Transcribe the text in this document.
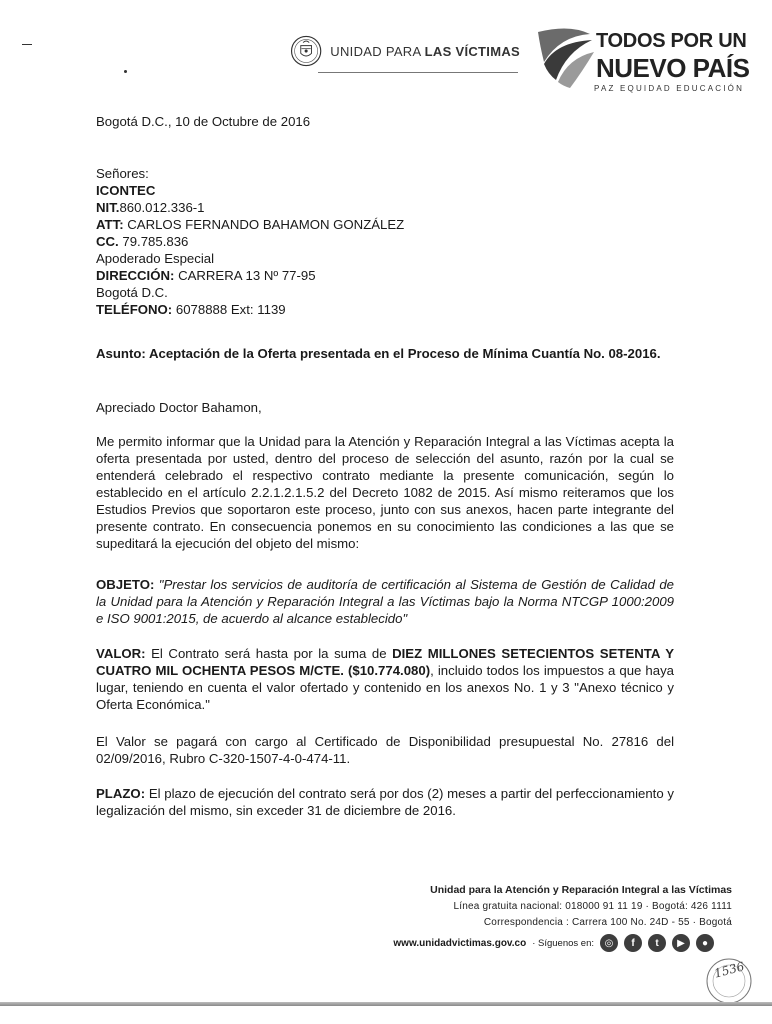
UNIDAD PARA LAS VÍCTIMAS	TODOS POR UN
NUEVO PAÍS
PAZ EQUIDAD EDUCACIÓN
Bogotá D.C., 10 de Octubre de 2016
Señores:
ICONTEC
NIT.860.012.336-1
ATT: CARLOS FERNANDO BAHAMON GONZÁLEZ
CC. 79.785.836
Apoderado Especial
DIRECCIÓN: CARRERA 13 Nº 77-95
Bogotá D.C.
TELÉFONO: 6078888 Ext: 1139
Asunto: Aceptación de la Oferta presentada en el Proceso de Mínima Cuantía No. 08-2016.
Apreciado Doctor Bahamon,
Me permito informar que la Unidad para la Atención y Reparación Integral a las Víctimas acepta la oferta presentada por usted, dentro del proceso de selección del asunto, razón por la cual se entenderá celebrado el respectivo contrato mediante la presente comunicación, según lo establecido en el artículo 2.2.1.2.1.5.2 del Decreto 1082 de 2015. Así mismo reiteramos que los Estudios Previos que soportaron este proceso, junto con sus anexos, hacen parte integrante del presente contrato. En consecuencia ponemos en su conocimiento las condiciones a las que se supeditará la ejecución del objeto del mismo:
OBJETO: "Prestar los servicios de auditoría de certificación al Sistema de Gestión de Calidad de la Unidad para la Atención y Reparación Integral a las Víctimas bajo la Norma NTCGP 1000:2009 e ISO 9001:2015, de acuerdo al alcance establecido"
VALOR: El Contrato será hasta por la suma de DIEZ MILLONES SETECIENTOS SETENTA Y CUATRO MIL OCHENTA PESOS M/CTE. ($10.774.080), incluido todos los impuestos a que haya lugar, teniendo en cuenta el valor ofertado y contenido en los anexos No. 1 y 3 "Anexo técnico y Oferta Económica."
El Valor se pagará con cargo al Certificado de Disponibilidad presupuestal No. 27816 del 02/09/2016, Rubro C-320-1507-4-0-474-11.
PLAZO: El plazo de ejecución del contrato será por dos (2) meses a partir del perfeccionamiento y legalización del mismo, sin exceder 31 de diciembre de 2016.
Unidad para la Atención y Reparación Integral a las Víctimas
Línea gratuita nacional: 018000 91 11 19 · Bogotá: 426 1111
Correspondencia : Carrera 100 No. 24D - 55 · Bogotá
www.unidadvictimas.gov.co · Síguenos en:	◎	f	t	▶	●
1536
